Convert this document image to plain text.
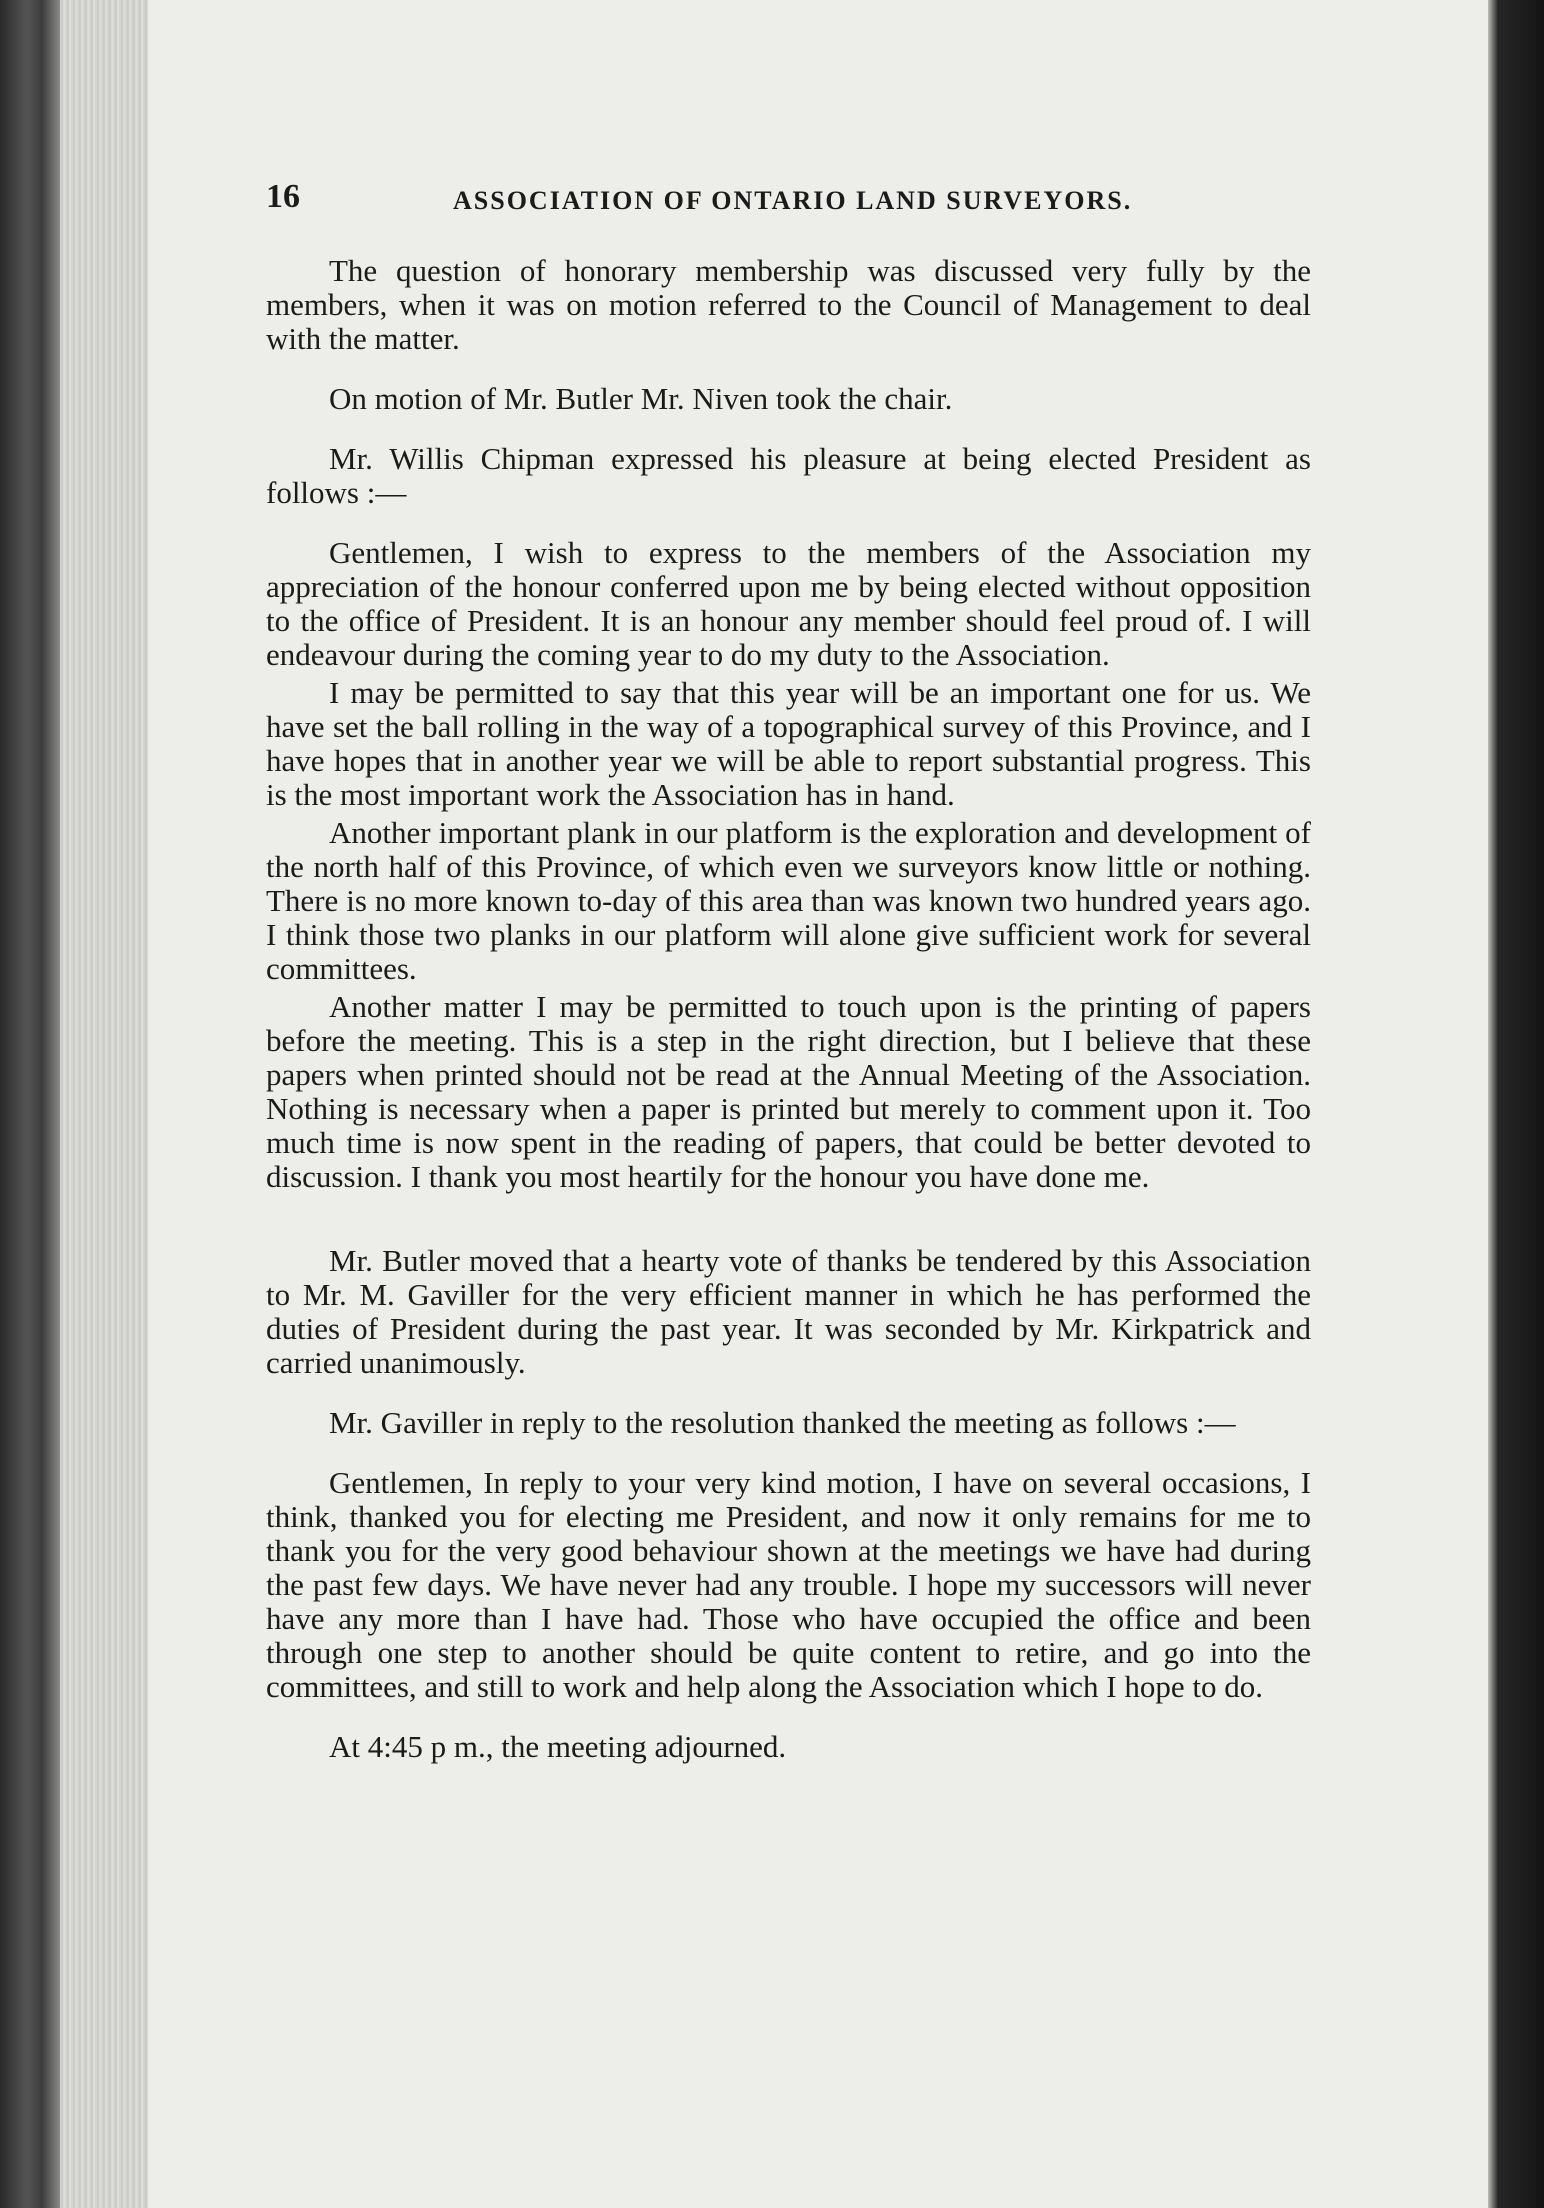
16	ASSOCIATION OF ONTARIO LAND SURVEYORS.

The question of honorary membership was discussed very fully by the members, when it was on motion referred to the Council of Management to deal with the matter.

On motion of Mr. Butler Mr. Niven took the chair.

Mr. Willis Chipman expressed his pleasure at being elected President as follows :—

Gentlemen, I wish to express to the members of the Association my appreciation of the honour conferred upon me by being elected without opposition to the office of President. It is an honour any member should feel proud of. I will endeavour during the coming year to do my duty to the Association.

I may be permitted to say that this year will be an important one for us. We have set the ball rolling in the way of a topographical survey of this Province, and I have hopes that in another year we will be able to report substantial progress. This is the most important work the Association has in hand.

Another important plank in our platform is the exploration and development of the north half of this Province, of which even we surveyors know little or nothing. There is no more known to-day of this area than was known two hundred years ago. I think those two planks in our platform will alone give sufficient work for several committees.

Another matter I may be permitted to touch upon is the printing of papers before the meeting. This is a step in the right direction, but I believe that these papers when printed should not be read at the Annual Meeting of the Association. Nothing is necessary when a paper is printed but merely to comment upon it. Too much time is now spent in the reading of papers, that could be better devoted to discussion. I thank you most heartily for the honour you have done me.

Mr. Butler moved that a hearty vote of thanks be tendered by this Association to Mr. M. Gaviller for the very efficient manner in which he has performed the duties of President during the past year. It was seconded by Mr. Kirkpatrick and carried unanimously.

Mr. Gaviller in reply to the resolution thanked the meeting as follows :—

Gentlemen, In reply to your very kind motion, I have on several occasions, I think, thanked you for electing me President, and now it only remains for me to thank you for the very good behaviour shown at the meetings we have had during the past few days. We have never had any trouble. I hope my successors will never have any more than I have had. Those who have occupied the office and been through one step to another should be quite content to retire, and go into the committees, and still to work and help along the Association which I hope to do.

At 4:45 p m., the meeting adjourned.
